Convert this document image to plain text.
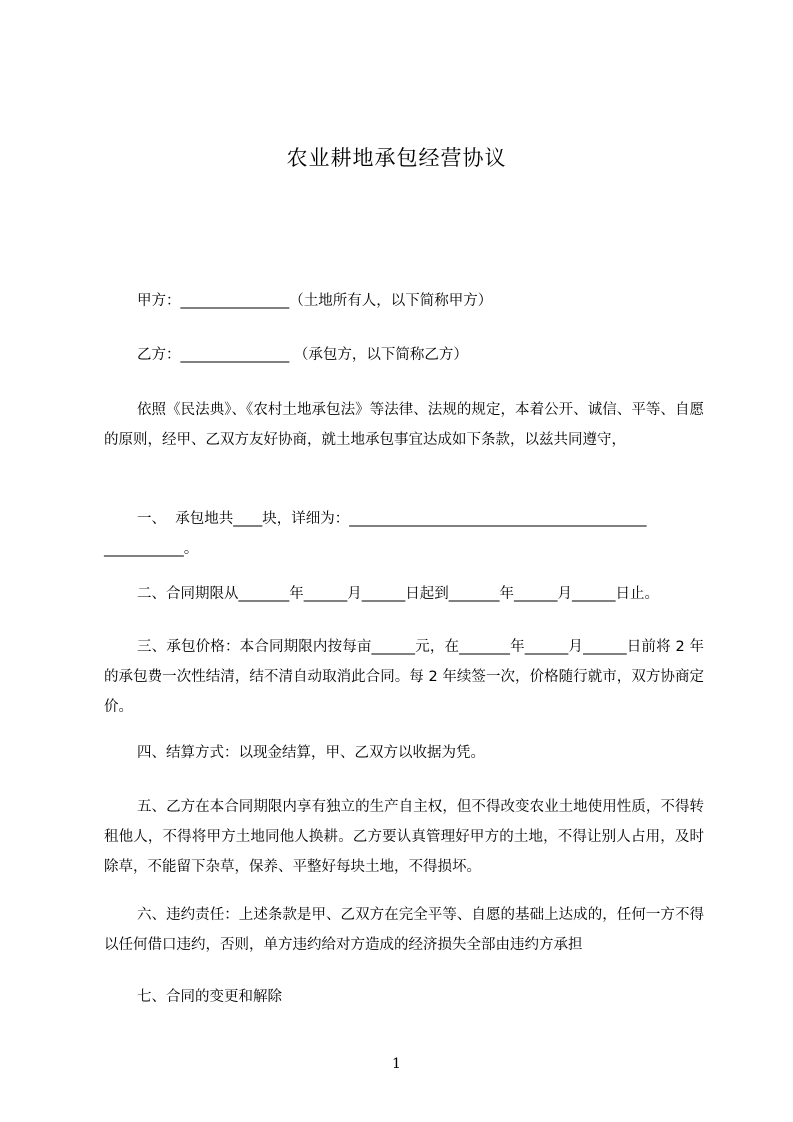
农业耕地承包经营协议

甲方：_______________（土地所有人，以下简称甲方）

乙方：_______________ （承包方，以下简称乙方）

依照《民法典》、《农村土地承包法》等法律、法规的规定，本着公开、诚信、平等、自愿的原则，经甲、乙双方友好协商，就土地承包事宜达成如下条款，以兹共同遵守，

一、  承包地共____块，详细为：_________________________________________
___________。

二、合同期限从_______年______月______日起到_______年______月______日止。

三、承包价格：本合同期限内按每亩______元，在_______年______月______日前将 2 年的承包费一次性结清，结不清自动取消此合同。每 2 年续签一次，价格随行就市，双方协商定价。

四、结算方式：以现金结算，甲、乙双方以收据为凭。

五、乙方在本合同期限内享有独立的生产自主权，但不得改变农业土地使用性质，不得转租他人，不得将甲方土地同他人换耕。乙方要认真管理好甲方的土地，不得让别人占用，及时除草，不能留下杂草，保养、平整好每块土地，不得损坏。

六、违约责任：上述条款是甲、乙双方在完全平等、自愿的基础上达成的，任何一方不得以任何借口违约，否则，单方违约给对方造成的经济损失全部由违约方承担

七、合同的变更和解除

1
